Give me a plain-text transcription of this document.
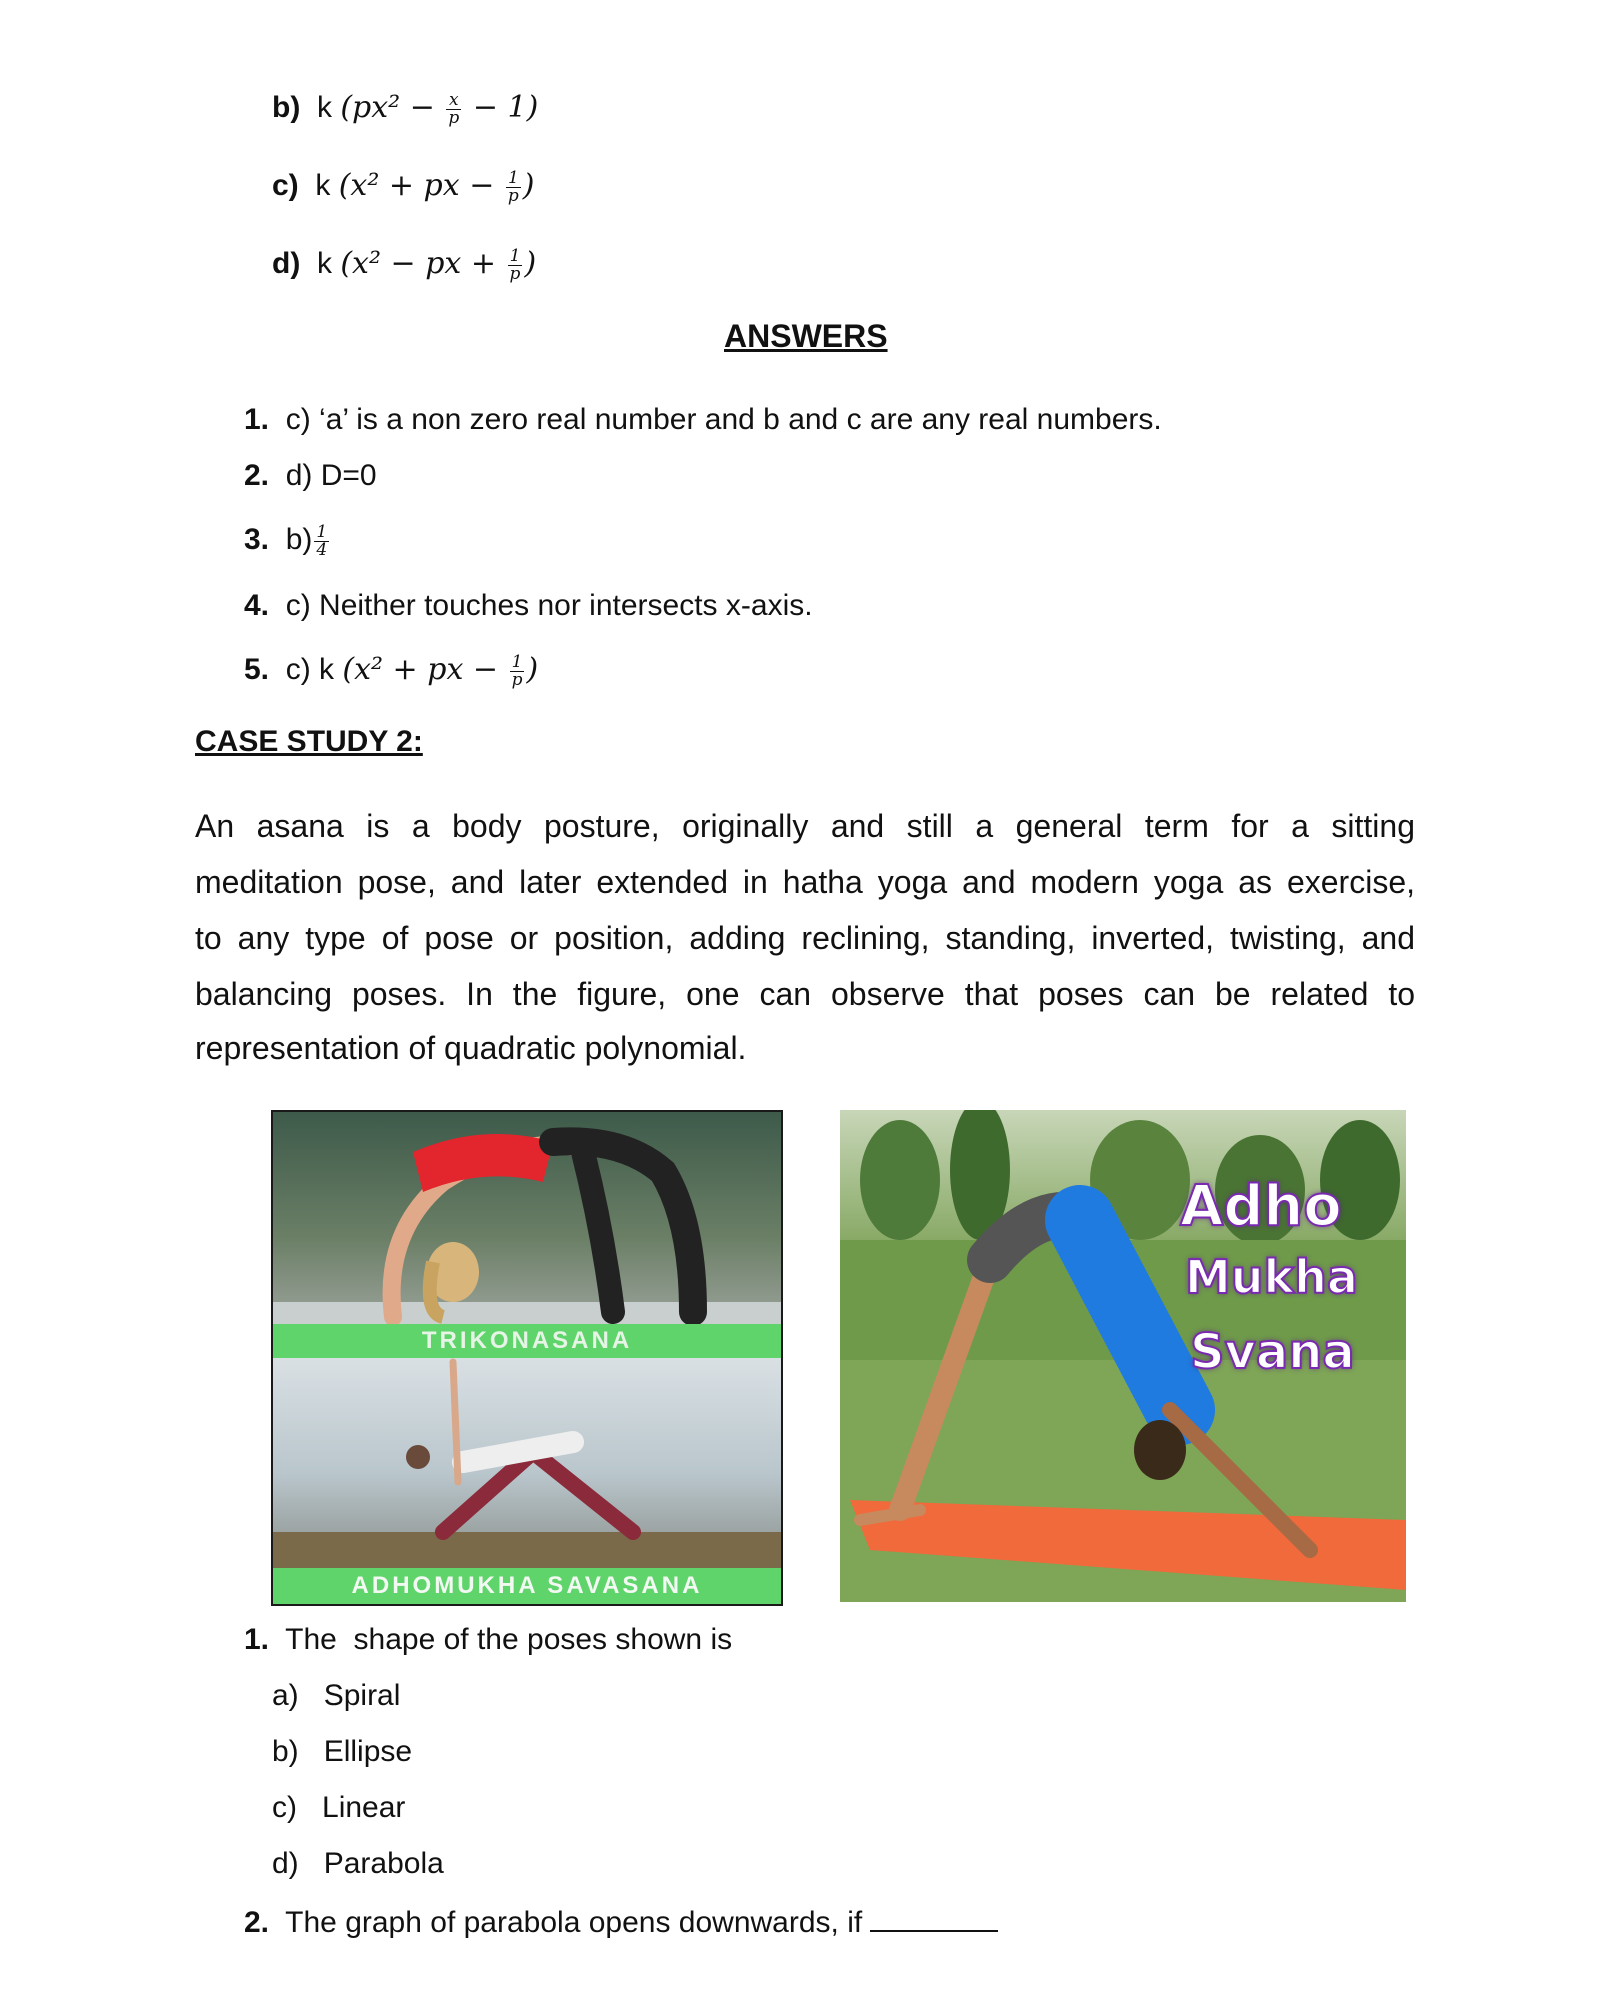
b) k $(px^2 - \frac{x}{p} - 1)$
c) k (x² + px − $\frac{1}{p}$ )
d) k (x² − px + $\frac{1}{p}$ )
ANSWERS
1. c) ‘a’ is a non zero real number and b and c are any real numbers.
2. d) D=0
3. $b) \frac{1}{4}$
4. c) Neither touches nor intersects x-axis.
5. c) k (x² + px − $\frac{1}{p}$ )
CASE STUDY 2:
An asana is a body posture, originally and still a general term for a sitting
meditation pose, and later extended in hatha yoga and modern yoga as exercise,
to any type of pose or position, adding reclining, standing, inverted, twisting, and
balancing poses. In the figure, one can observe that poses can be related to
representation of quadratic polynomial.
TRIKONASANA
ADHOMUKHA SAVASANA
Adho
Mukha
Svana
1. The  shape of the poses shown is
a) Spiral
b) Ellipse
c) Linear
d) Parabola
2. The graph of parabola opens downwards, if
